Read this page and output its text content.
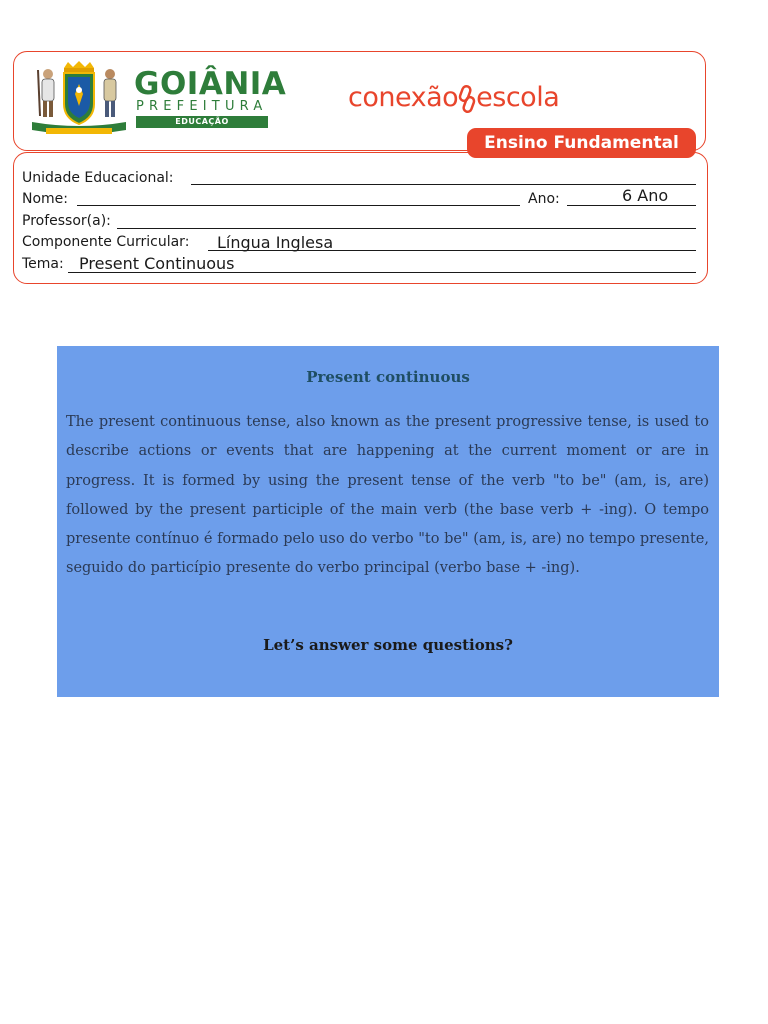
GOIÂNIA
PREFEITURA
EDUCAÇÃO
conexão escola
Ensino Fundamental
Unidade Educacional:
Nome:	Ano:	6 Ano
Professor(a):
Componente Curricular: Língua Inglesa
Tema: Present Continuous
Present continuous

The present continuous tense, also known as the present progressive tense, is used to describe actions or events that are happening at the current moment or are in progress. It is formed by using the present tense of the verb "to be" (am, is, are) followed by the present participle of the main verb (the base verb + -ing). O tempo presente contínuo é formado pelo uso do verbo "to be" (am, is, are) no tempo presente, seguido do particípio presente do verbo principal (verbo base + -ing).

Let’s answer some questions?
